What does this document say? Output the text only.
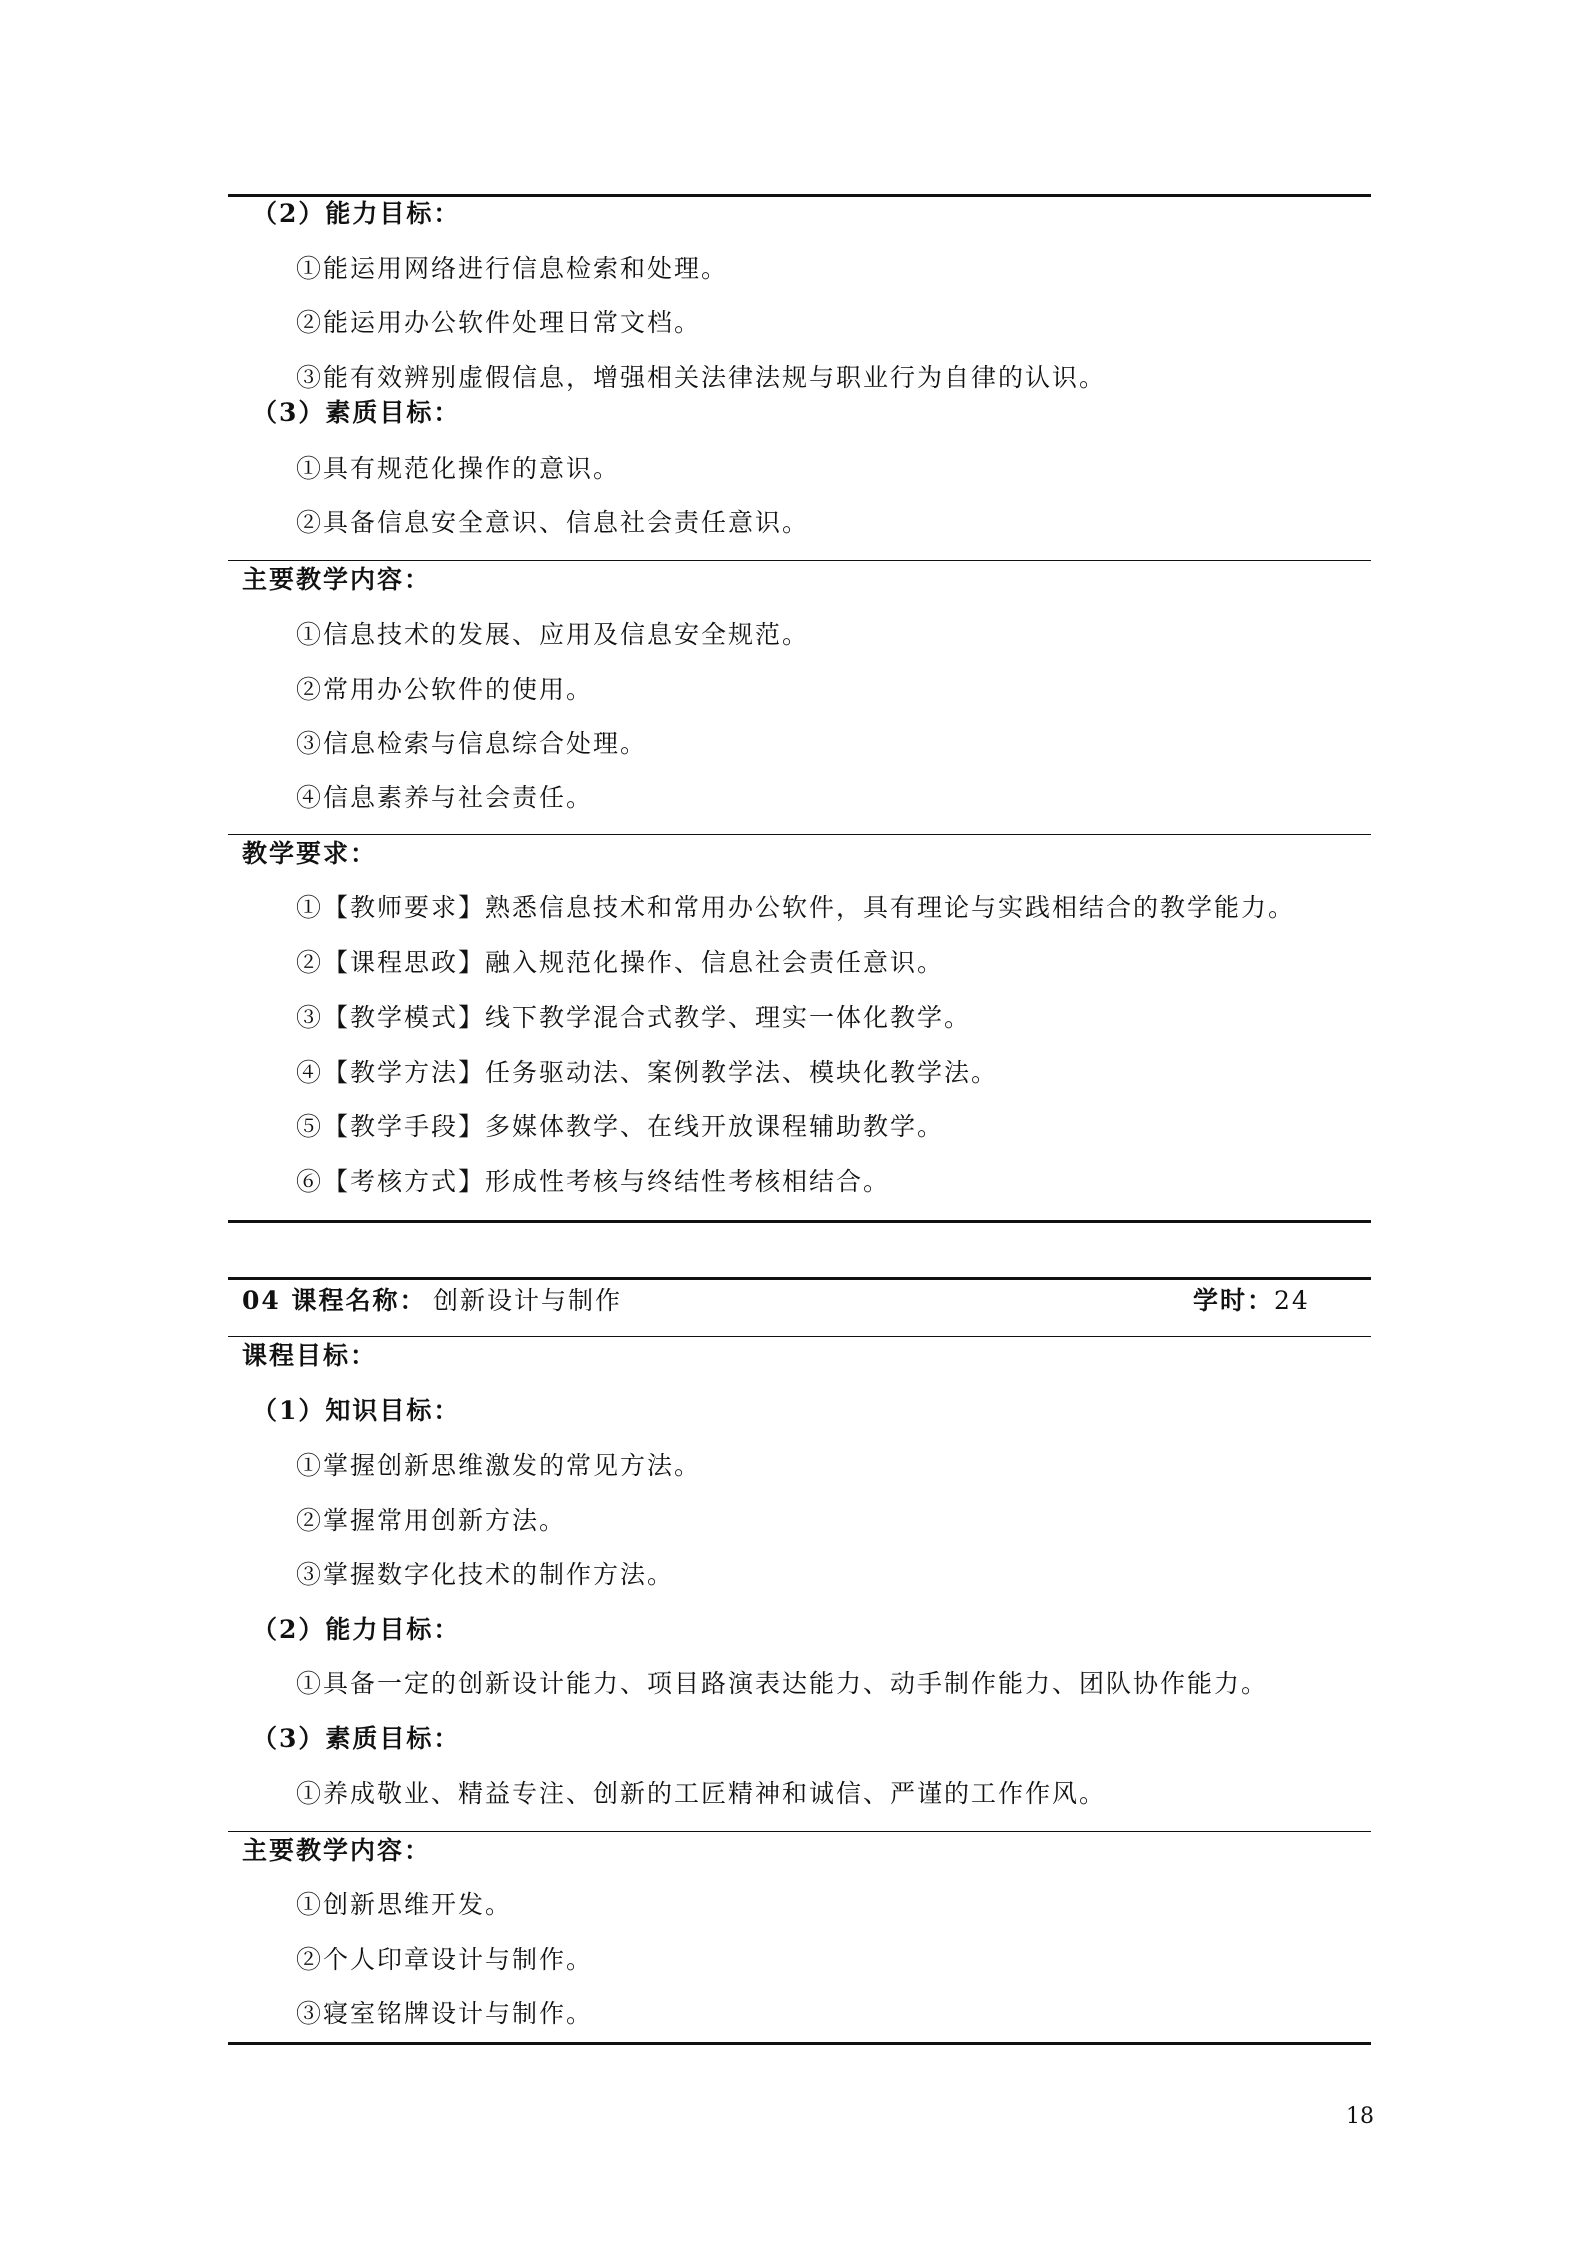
（2）能力目标：
①能运用网络进行信息检索和处理。
②能运用办公软件处理日常文档。
③能有效辨别虚假信息，增强相关法律法规与职业行为自律的认识。
（3）素质目标：
①具有规范化操作的意识。
②具备信息安全意识、信息社会责任意识。
主要教学内容：
①信息技术的发展、应用及信息安全规范。
②常用办公软件的使用。
③信息检索与信息综合处理。
④信息素养与社会责任。
教学要求：
①【教师要求】熟悉信息技术和常用办公软件，具有理论与实践相结合的教学能力。
②【课程思政】融入规范化操作、信息社会责任意识。
③【教学模式】线下教学混合式教学、理实一体化教学。
④【教学方法】任务驱动法、案例教学法、模块化教学法。
⑤【教学手段】多媒体教学、在线开放课程辅助教学。
⑥【考核方式】形成性考核与终结性考核相结合。
04 课程名称： 创新设计与制作	学时：24
课程目标：
（1）知识目标：
①掌握创新思维激发的常见方法。
②掌握常用创新方法。
③掌握数字化技术的制作方法。
（2）能力目标：
①具备一定的创新设计能力、项目路演表达能力、动手制作能力、团队协作能力。
（3）素质目标：
①养成敬业、精益专注、创新的工匠精神和诚信、严谨的工作作风。
主要教学内容：
①创新思维开发。
②个人印章设计与制作。
③寝室铭牌设计与制作。
18
